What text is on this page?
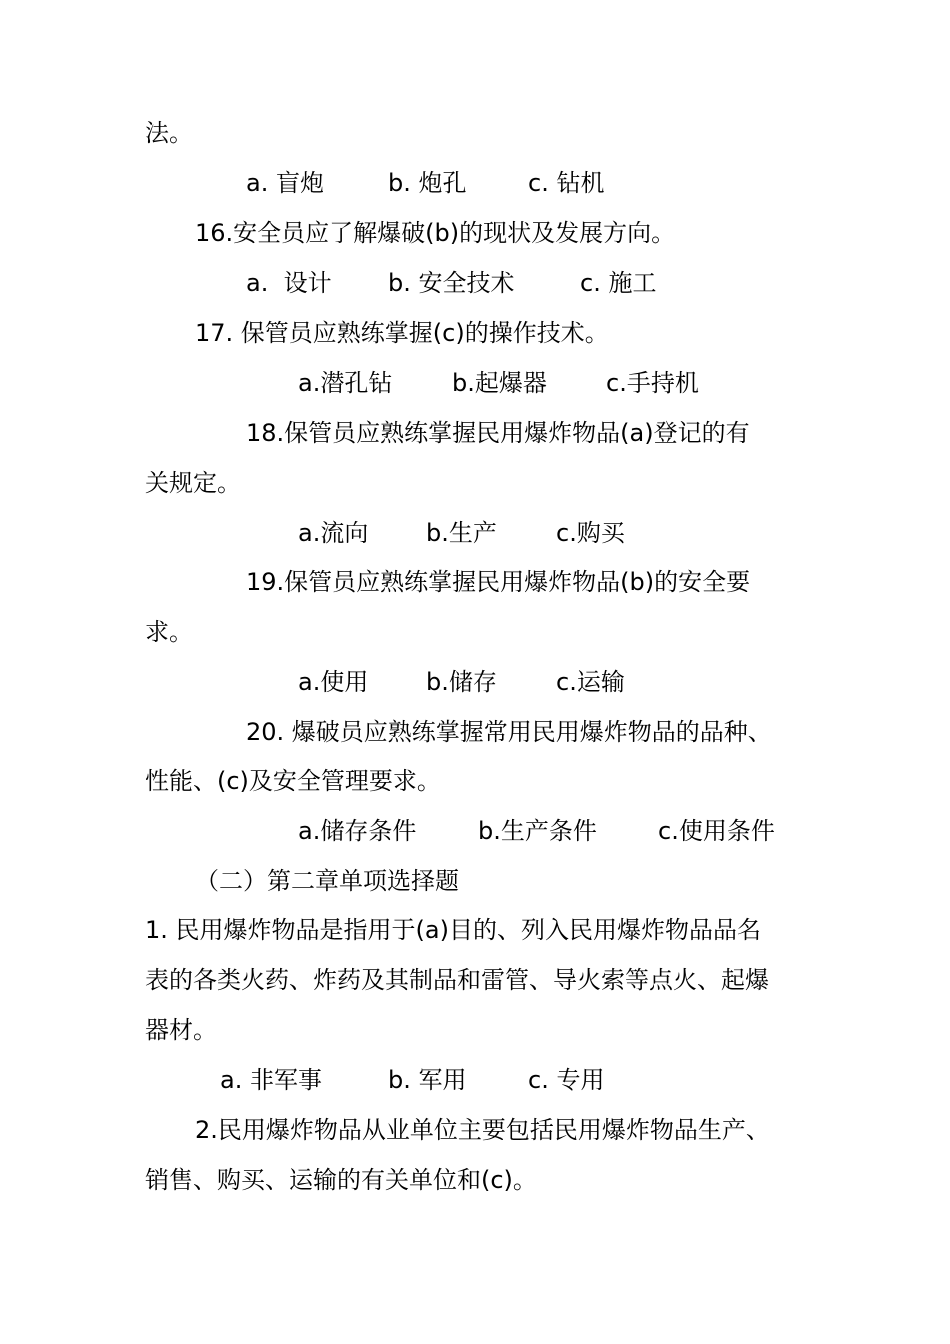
法。

a. 盲炮

	b. 炮孔

	c. 钻机

16.安全员应了解爆破(b)的现状及发展方向。

a.  设计

b. 安全技术

	c. 施工

17. 保管员应熟练掌握(c)的操作技术。

a.潜孔钻

b.起爆器

c.手持机

18.保管员应熟练掌握民用爆炸物品(a)登记的有
关规定。

a.流向

b.生产

c.购买

19.保管员应熟练掌握民用爆炸物品(b)的安全要
求。

a.使用

b.储存

c.运输

20. 爆破员应熟练掌握常用民用爆炸物品的品种、
性能、(c)及安全管理要求。

a.储存条件

	b.生产条件

	c.使用条件

（二）第二章单项选择题
1. 民用爆炸物品是指用于(a)目的、列入民用爆炸物品品名
表的各类火药、炸药及其制品和雷管、导火索等点火、起爆
器材。

a. 非军事

	b. 军用

	c. 专用

2.民用爆炸物品从业单位主要包括民用爆炸物品生产、
销售、购买、运输的有关单位和(c)。
